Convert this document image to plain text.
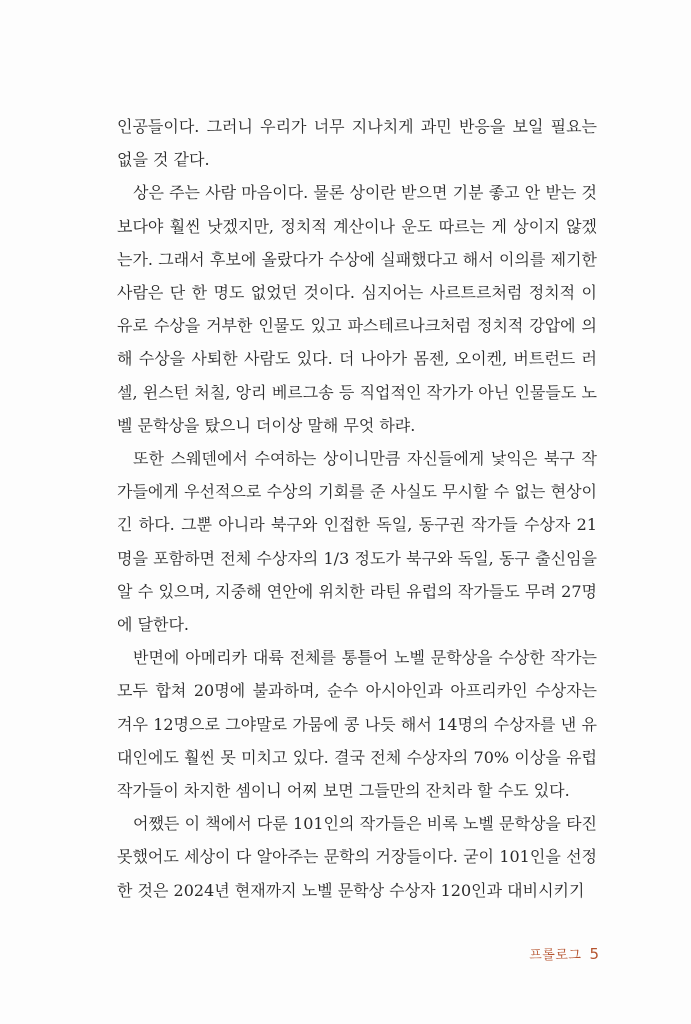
인공들이다. 그러니 우리가 너무 지나치게 과민 반응을 보일 필요는 없을 것 같다.

상은 주는 사람 마음이다. 물론 상이란 받으면 기분 좋고 안 받는 것보다야 훨씬 낫겠지만, 정치적 계산이나 운도 따르는 게 상이지 않겠는가. 그래서 후보에 올랐다가 수상에 실패했다고 해서 이의를 제기한 사람은 단 한 명도 없었던 것이다. 심지어는 사르트르처럼 정치적 이유로 수상을 거부한 인물도 있고 파스테르나크처럼 정치적 강압에 의해 수상을 사퇴한 사람도 있다. 더 나아가 몸젠, 오이켄, 버트런드 러셀, 윈스턴 처칠, 앙리 베르그송 등 직업적인 작가가 아닌 인물들도 노벨 문학상을 탔으니 더이상 말해 무엇 하랴.

또한 스웨덴에서 수여하는 상이니만큼 자신들에게 낯익은 북구 작가들에게 우선적으로 수상의 기회를 준 사실도 무시할 수 없는 현상이긴 하다. 그뿐 아니라 북구와 인접한 독일, 동구권 작가들 수상자 21명을 포함하면 전체 수상자의 1/3 정도가 북구와 독일, 동구 출신임을 알 수 있으며, 지중해 연안에 위치한 라틴 유럽의 작가들도 무려 27명에 달한다.

반면에 아메리카 대륙 전체를 통틀어 노벨 문학상을 수상한 작가는 모두 합쳐 20명에 불과하며, 순수 아시아인과 아프리카인 수상자는 겨우 12명으로 그야말로 가뭄에 콩 나듯 해서 14명의 수상자를 낸 유대인에도 훨씬 못 미치고 있다. 결국 전체 수상자의 70% 이상을 유럽 작가들이 차지한 셈이니 어찌 보면 그들만의 잔치라 할 수도 있다.

어쨌든 이 책에서 다룬 101인의 작가들은 비록 노벨 문학상을 타진 못했어도 세상이 다 알아주는 문학의 거장들이다. 굳이 101인을 선정한 것은 2024년 현재까지 노벨 문학상 수상자 120인과 대비시키기

프롤로그 5
